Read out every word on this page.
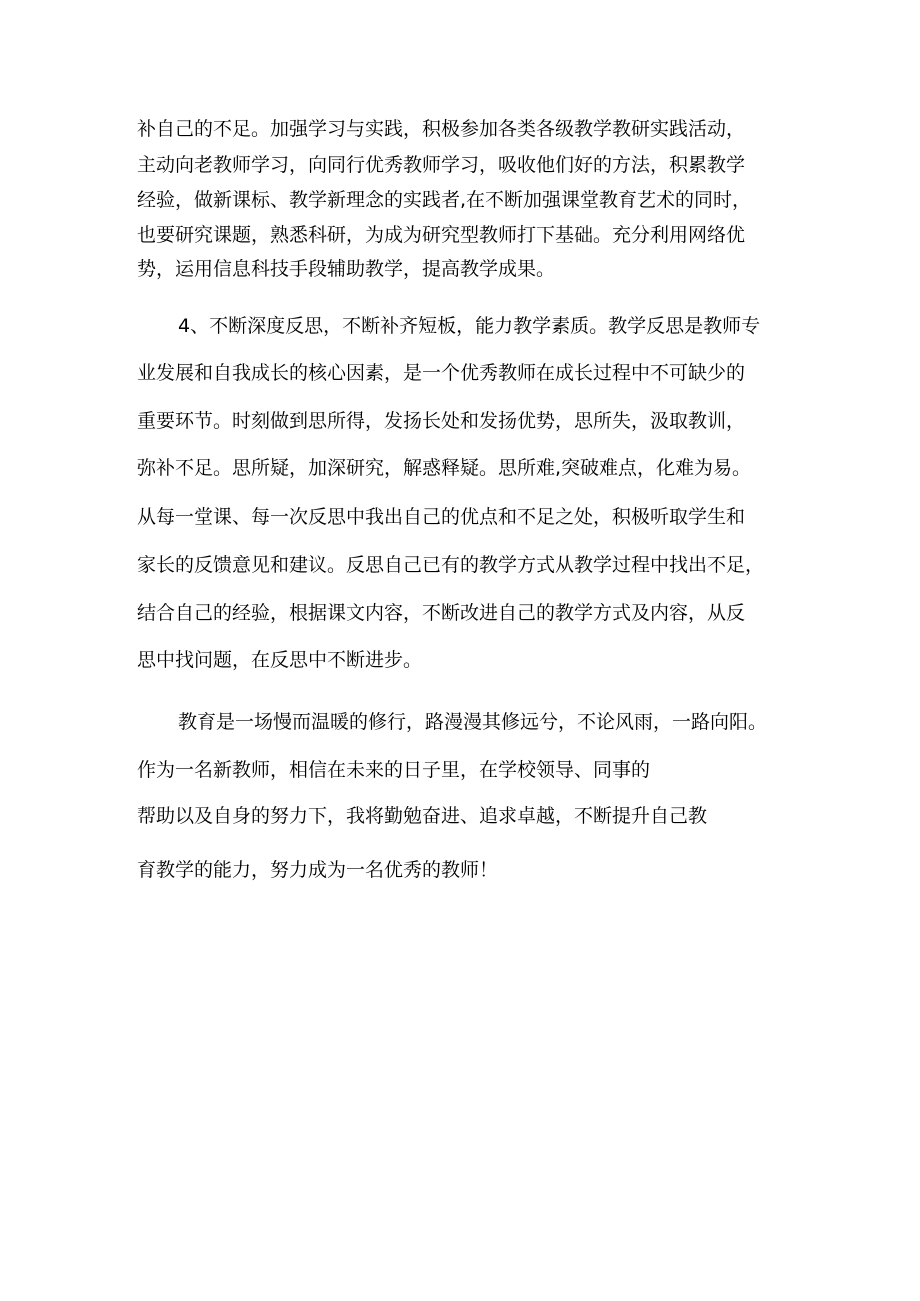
补自己的不足。加强学习与实践，积极参加各类各级教学教研实践活动，
主动向老教师学习，向同行优秀教师学习，吸收他们好的方法，积累教学
经验，做新课标、教学新理念的实践者,在不断加强课堂教育艺术的同时，
也要研究课题，熟悉科研，为成为研究型教师打下基础。充分利用网络优
势，运用信息科技手段辅助教学，提高教学成果。
4、不断深度反思，不断补齐短板，能力教学素质。教学反思是教师专
业发展和自我成长的核心因素，是一个优秀教师在成长过程中不可缺少的
重要环节。时刻做到思所得，发扬长处和发扬优势，思所失，汲取教训，
弥补不足。思所疑，加深研究，解惑释疑。思所难,突破难点，化难为易。
从每一堂课、每一次反思中我出自己的优点和不足之处，积极听取学生和
家长的反馈意见和建议。反思自己已有的教学方式从教学过程中找出不足，
结合自己的经验，根据课文内容，不断改进自己的教学方式及内容，从反
思中找问题，在反思中不断进步。
教育是一场慢而温暖的修行，路漫漫其修远兮，不论风雨，一路向阳。
作为一名新教师，相信在未来的日子里，在学校领导、同事的
帮助以及自身的努力下，我将勤勉奋进、追求卓越，不断提升自己教
育教学的能力，努力成为一名优秀的教师！
